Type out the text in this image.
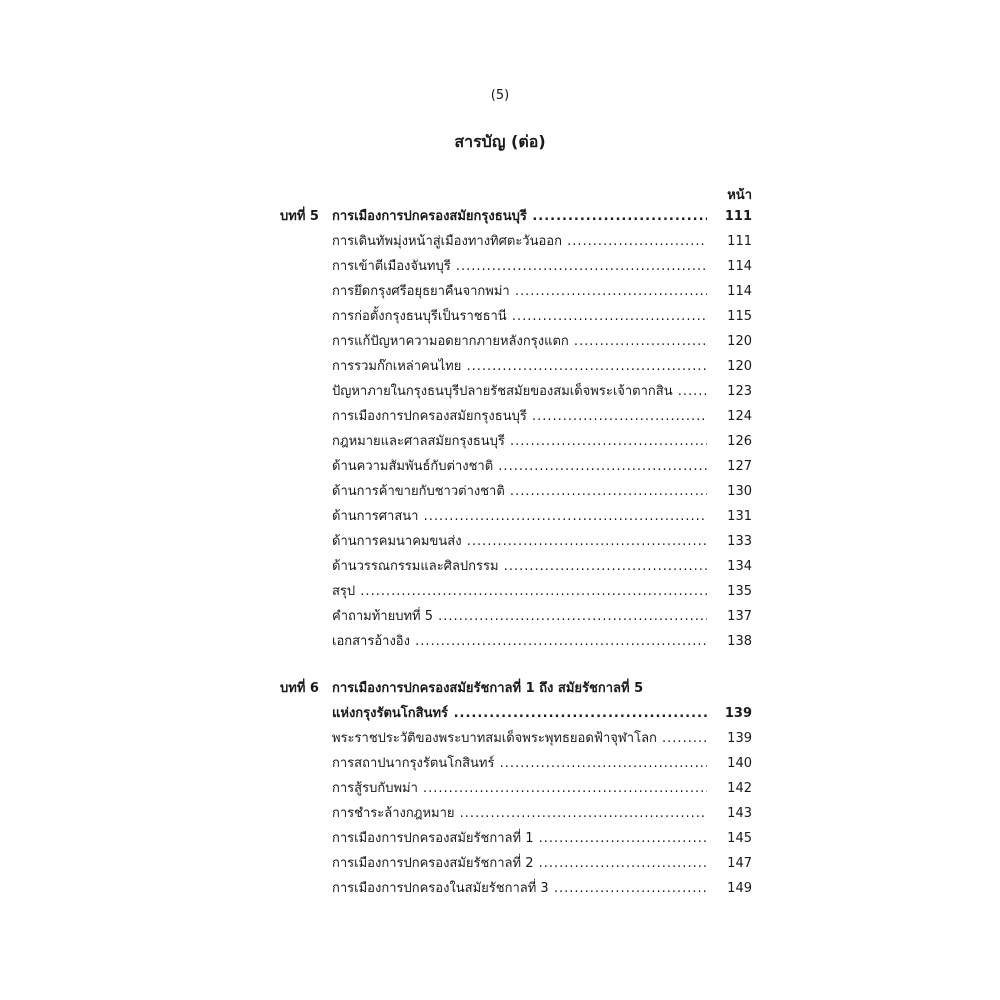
(5)
สารบัญ (ต่อ)
หน้า
บทที่ 5 การเมืองการปกครองสมัยกรุงธนบุรี .....	111
การเดินทัพมุ่งหน้าสู่เมืองทางทิศตะวันออก .....	111
การเข้าตีเมืองจันทบุรี .....	114
การยึดกรุงศรีอยุธยาคืนจากพม่า .....	114
การก่อตั้งกรุงธนบุรีเป็นราชธานี .....	115
การแก้ปัญหาความอดยากภายหลังกรุงแตก .....	120
การรวมก๊กเหล่าคนไทย .....	120
ปัญหาภายในกรุงธนบุรีปลายรัชสมัยของสมเด็จพระเจ้าตากสิน .....	123
การเมืองการปกครองสมัยกรุงธนบุรี .....	124
กฎหมายและศาลสมัยกรุงธนบุรี .....	126
ด้านความสัมพันธ์กับต่างชาติ .....	127
ด้านการค้าขายกับชาวต่างชาติ .....	130
ด้านการศาสนา .....	131
ด้านการคมนาคมขนส่ง .....	133
ด้านวรรณกรรมและศิลปกรรม .....	134
สรุป .....	135
คำถามท้ายบทที่ 5 .....	137
เอกสารอ้างอิง .....	138
บทที่ 6 การเมืองการปกครองสมัยรัชกาลที่ 1 ถึง สมัยรัชกาลที่ 5
แห่งกรุงรัตนโกสินทร์ .....	139
พระราชประวัติของพระบาทสมเด็จพระพุทธยอดฟ้าจุฬาโลก .....	139
การสถาปนากรุงรัตนโกสินทร์ .....	140
การสู้รบกับพม่า .....	142
การชำระล้างกฎหมาย .....	143
การเมืองการปกครองสมัยรัชกาลที่ 1 .....	145
การเมืองการปกครองสมัยรัชกาลที่ 2 .....	147
การเมืองการปกครองในสมัยรัชกาลที่ 3 .....	149
